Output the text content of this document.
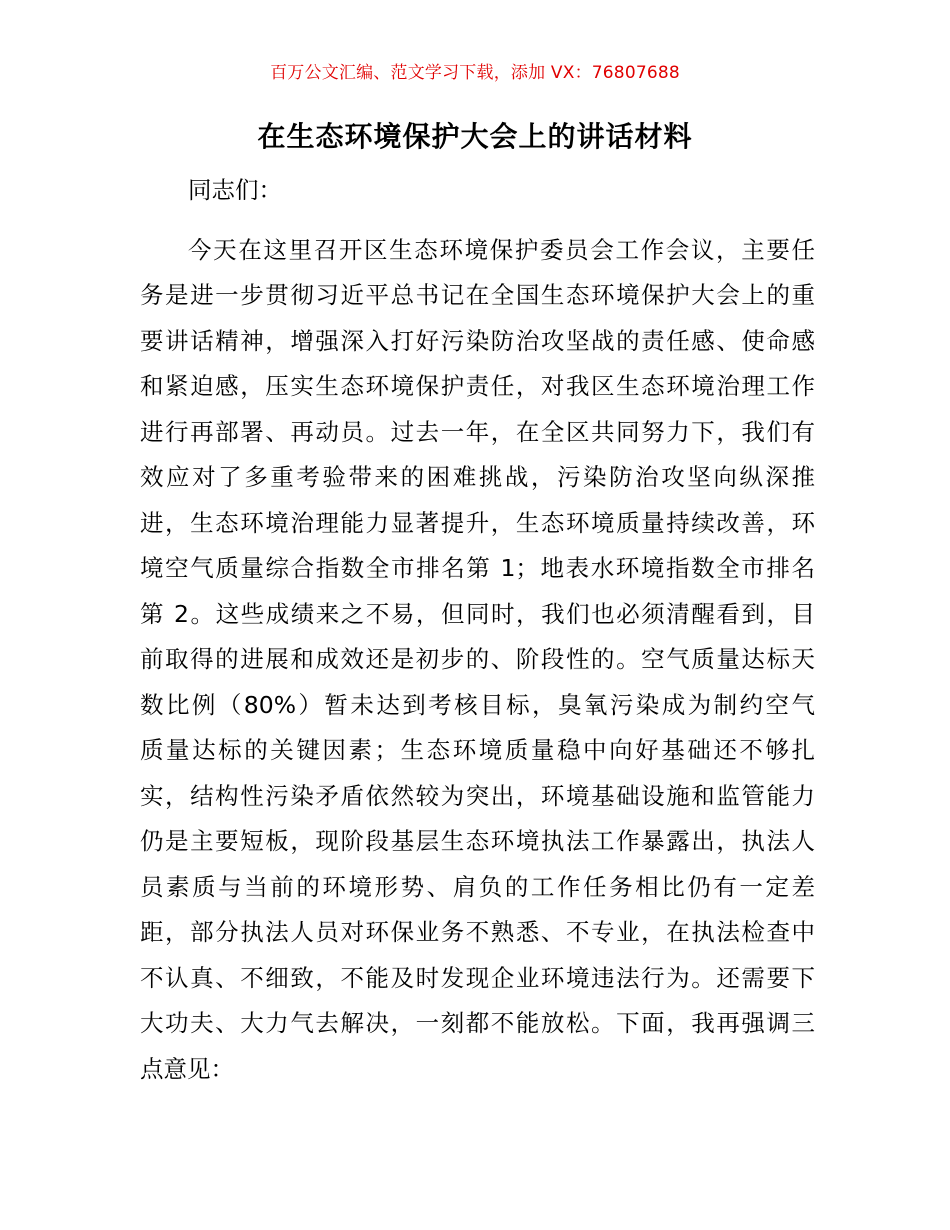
百万公文汇编、范文学习下载，添加 VX：76807688
在生态环境保护大会上的讲话材料

同志们：

今天在这里召开区生态环境保护委员会工作会议，主要任
务是进一步贯彻习近平总书记在全国生态环境保护大会上的重
要讲话精神，增强深入打好污染防治攻坚战的责任感、使命感
和紧迫感，压实生态环境保护责任，对我区生态环境治理工作
进行再部署、再动员。过去一年，在全区共同努力下，我们有
效应对了多重考验带来的困难挑战，污染防治攻坚向纵深推
进，生态环境治理能力显著提升，生态环境质量持续改善，环
境空气质量综合指数全市排名第 1；地表水环境指数全市排名
第 2。这些成绩来之不易，但同时，我们也必须清醒看到，目
前取得的进展和成效还是初步的、阶段性的。空气质量达标天
数比例（80%）暂未达到考核目标，臭氧污染成为制约空气
质量达标的关键因素；生态环境质量稳中向好基础还不够扎
实，结构性污染矛盾依然较为突出，环境基础设施和监管能力
仍是主要短板，现阶段基层生态环境执法工作暴露出，执法人
员素质与当前的环境形势、肩负的工作任务相比仍有一定差
距，部分执法人员对环保业务不熟悉、不专业，在执法检查中
不认真、不细致，不能及时发现企业环境违法行为。还需要下
大功夫、大力气去解决，一刻都不能放松。下面，我再强调三
点意见：
